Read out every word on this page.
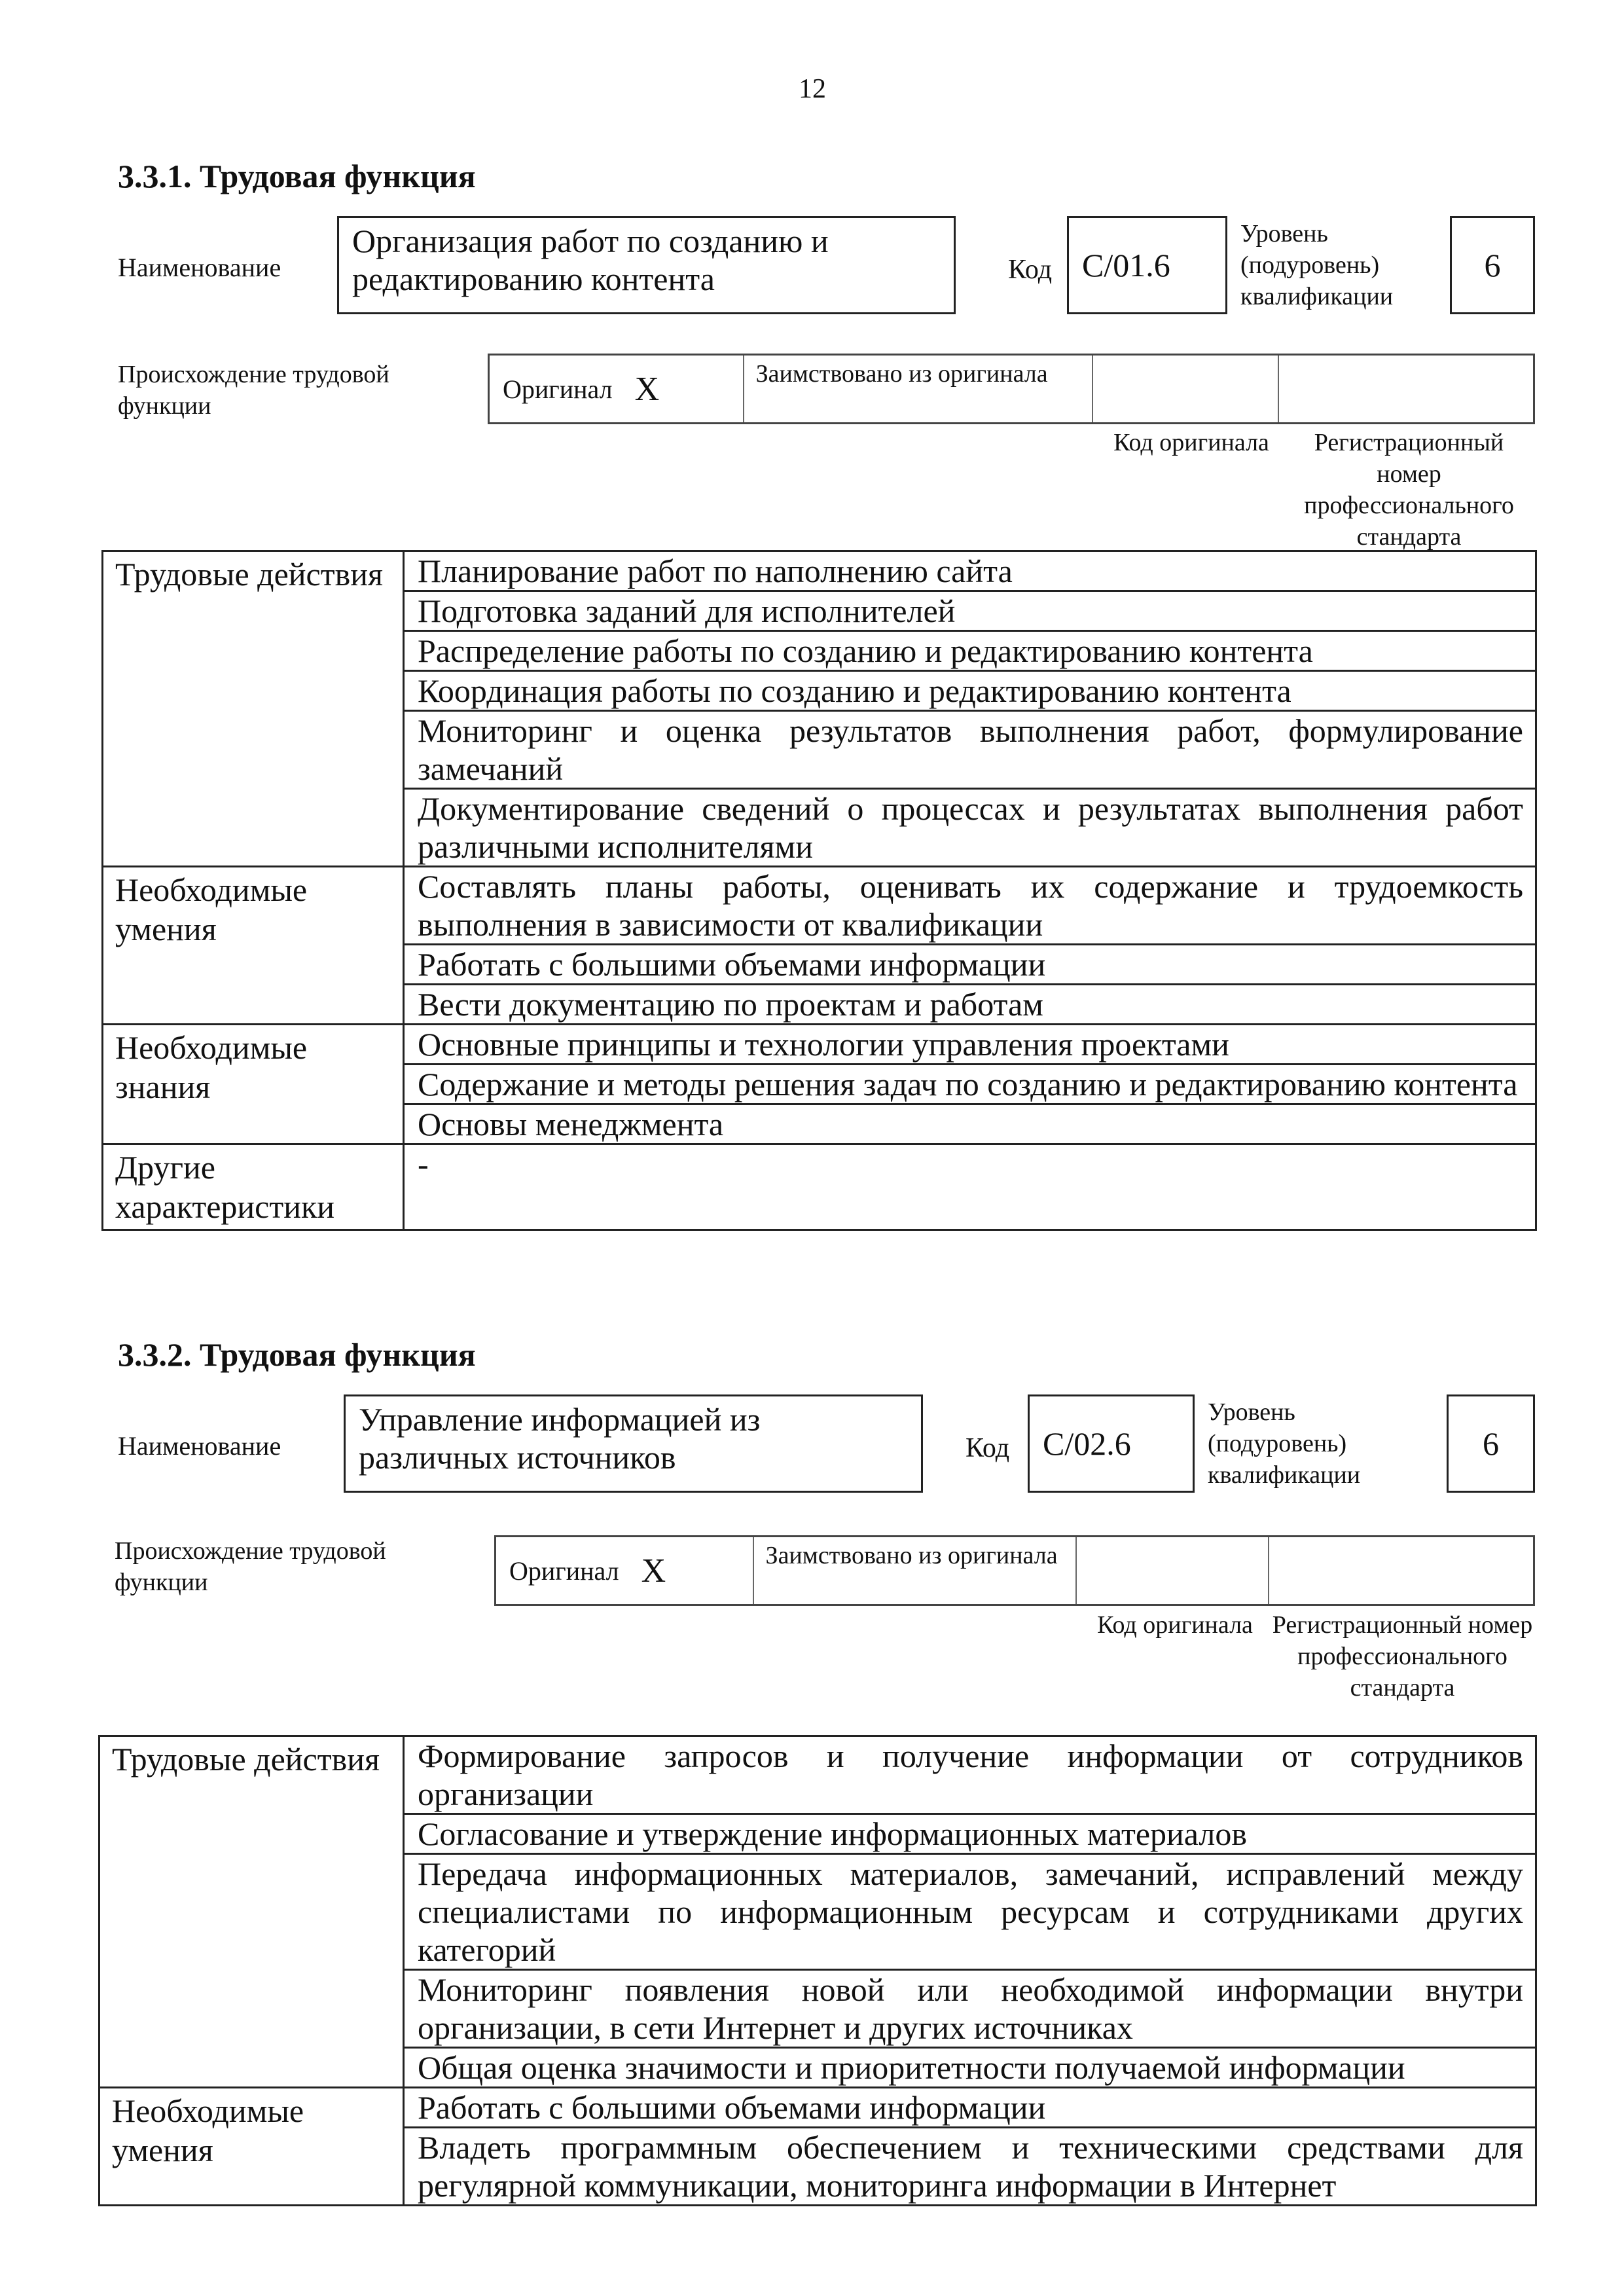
12
3.3.1. Трудовая функция
Наименование
Организация работ по созданию и редактированию контента	Код C/01.6
Уровень (подуровень) квалификации
6
Происхождение трудовой функции
Оригинал X	Заимствовано из оригинала
Код оригинала	Регистрационный номер профессионального стандарта
Трудовые действия	Планирование работ по наполнению сайта
	Подготовка заданий для исполнителей
	Распределение работы по созданию и редактированию контента
	Координация работы по созданию и редактированию контента
	Мониторинг и оценка результатов выполнения работ, формулирование замечаний
	Документирование сведений о процессах и результатах выполнения работ различными исполнителями
Необходимые умения	Составлять планы работы, оценивать их содержание и трудоемкость выполнения в зависимости от квалификации
	Работать с большими объемами информации
	Вести документацию по проектам и работам
Необходимые знания	Основные принципы и технологии управления проектами
	Содержание и методы решения задач по созданию и редактированию контента
	Основы менеджмента
Другие характеристики	-
3.3.2. Трудовая функция
Наименование
Управление информацией из различных источников	Код	C/02.6
Уровень (подуровень) квалификации
6
Происхождение трудовой функции	Оригинал X	Заимствовано из оригинала
Код оригинала Регистрационный номер профессионального стандарта
Трудовые действия	Формирование запросов и получение информации от сотрудников организации
	Согласование и утверждение информационных материалов
	Передача информационных материалов, замечаний, исправлений между специалистами по информационным ресурсам и сотрудниками других категорий
	Мониторинг появления новой или необходимой информации внутри организации, в сети Интернет и других источниках
	Общая оценка значимости и приоритетности получаемой информации
Необходимые умения	Работать с большими объемами информации
	Владеть программным обеспечением и техническими средствами для регулярной коммуникации, мониторинга информации в Интернет
